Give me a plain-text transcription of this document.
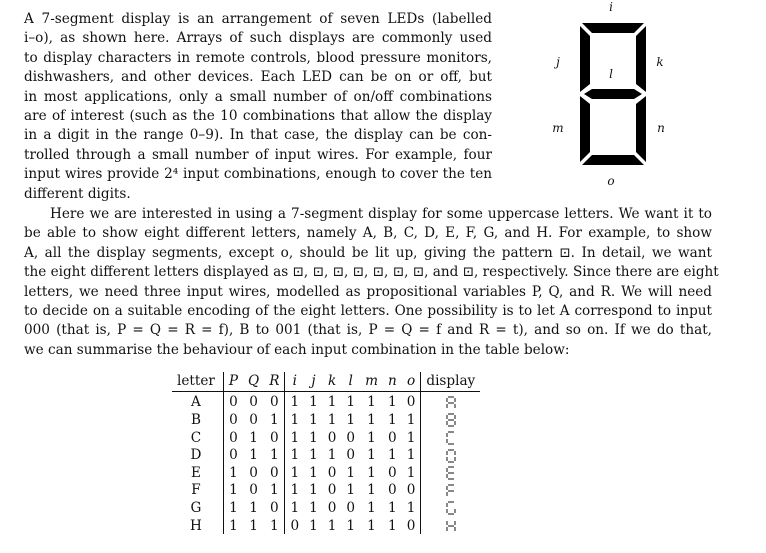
A 7-segment display is an arrangement of seven LEDs (labelled
i–o), as shown here. Arrays of such displays are commonly used
to display characters in remote controls, blood pressure monitors,
dishwashers, and other devices. Each LED can be on or off, but
in most applications, only a small number of on/off combinations
are of interest (such as the 10 combinations that allow the display
in a digit in the range 0–9). In that case, the display can be con-
trolled through a small number of input wires. For example, four
input wires provide 2⁴ input combinations, enough to cover the ten
different digits.
i
j	k
l
m	n
o
Here we are interested in using a 7-segment display for some uppercase letters. We want it to
be able to show eight different letters, namely A, B, C, D, E, F, G, and H. For example, to show
A, all the display segments, except o, should be lit up, giving the pattern ⊡. In detail, we want
the eight different letters displayed as ⊡, ⊡, ⊡, ⊡, ⊡, ⊡, ⊡, and ⊡, respectively. Since there are eight
letters, we need three input wires, modelled as propositional variables P, Q, and R. We will need
to decide on a suitable encoding of the eight letters. One possibility is to let A correspond to input
000 (that is, P = Q = R = f), B to 001 (that is, P = Q = f and R = t), and so on. If we do that,
we can summarise the behaviour of each input combination in the table below:
letter	P	Q	R	i	j	k	l	m	n	o	display
A	0	0	0	1	1	1	1	1	1	0	
B	0	0	1	1	1	1	1	1	1	1	
C	0	1	0	1	1	0	0	1	0	1	
D	0	1	1	1	1	1	0	1	1	1	
E	1	0	0	1	1	0	1	1	0	1	
F	1	0	1	1	1	0	1	1	0	0	
G	1	1	0	1	1	0	0	1	1	1	
H	1	1	1	0	1	1	1	1	1	0	
